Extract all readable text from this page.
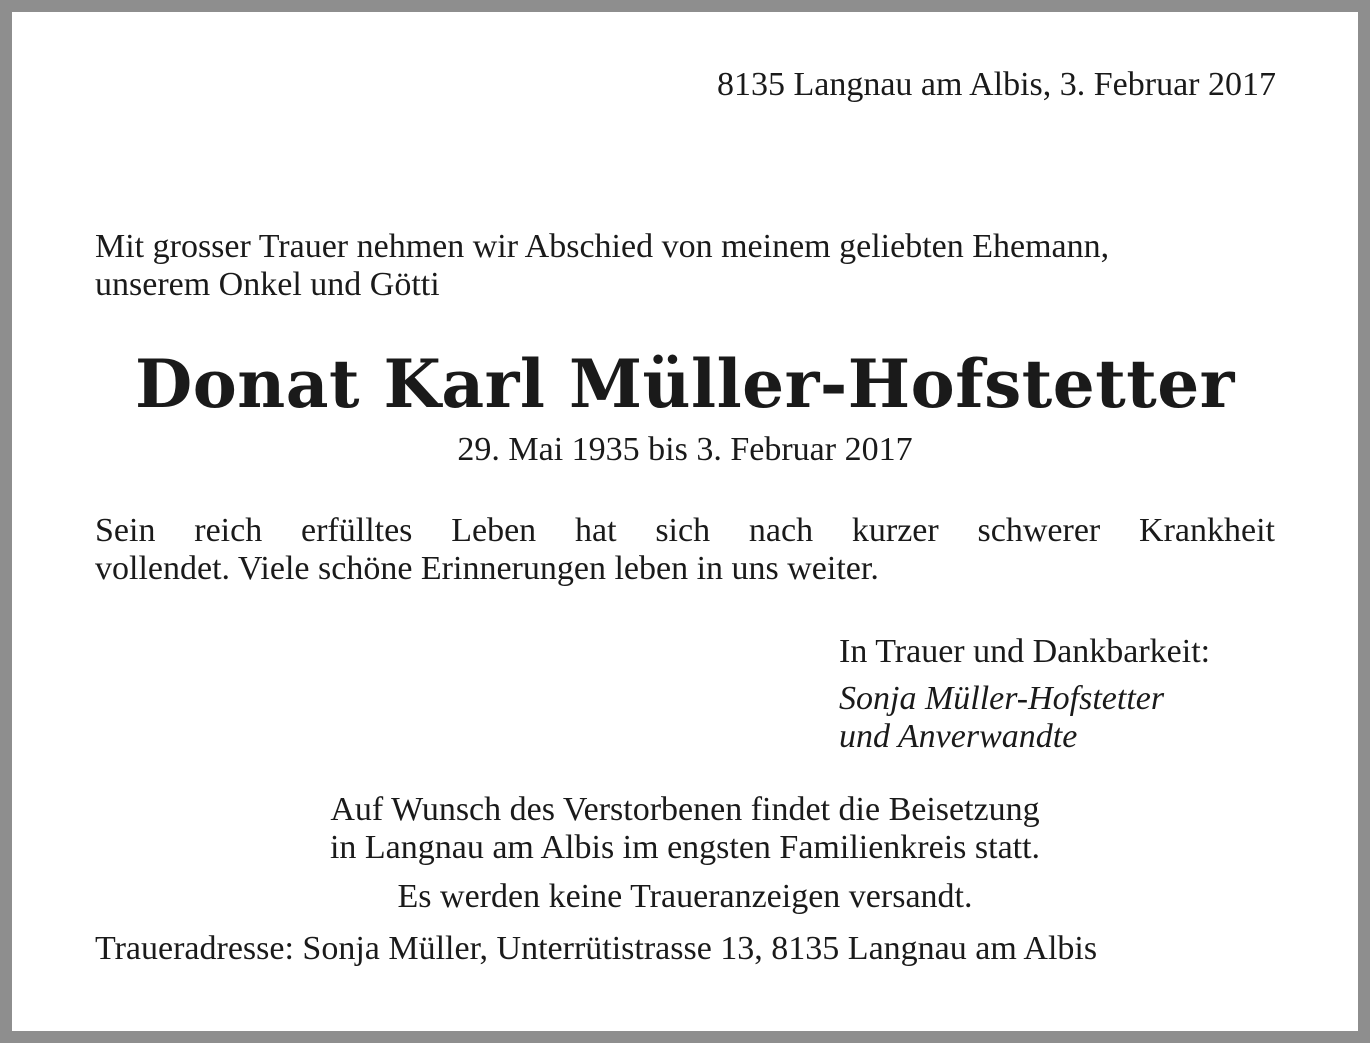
8135 Langnau am Albis, 3. Februar 2017

Mit grosser Trauer nehmen wir Abschied von meinem geliebten Ehemann,
unserem Onkel und Götti

Donat Karl Müller-Hofstetter

29. Mai 1935 bis 3. Februar 2017

Sein reich erfülltes Leben hat sich nach kurzer schwerer Krankheit
vollendet. Viele schöne Erinnerungen leben in uns weiter.

In Trauer und Dankbarkeit:

Sonja Müller-Hofstetter
und Anverwandte

Auf Wunsch des Verstorbenen findet die Beisetzung
in Langnau am Albis im engsten Familienkreis statt.

Es werden keine Traueranzeigen versandt.

Traueradresse: Sonja Müller, Unterrütistrasse 13, 8135 Langnau am Albis
